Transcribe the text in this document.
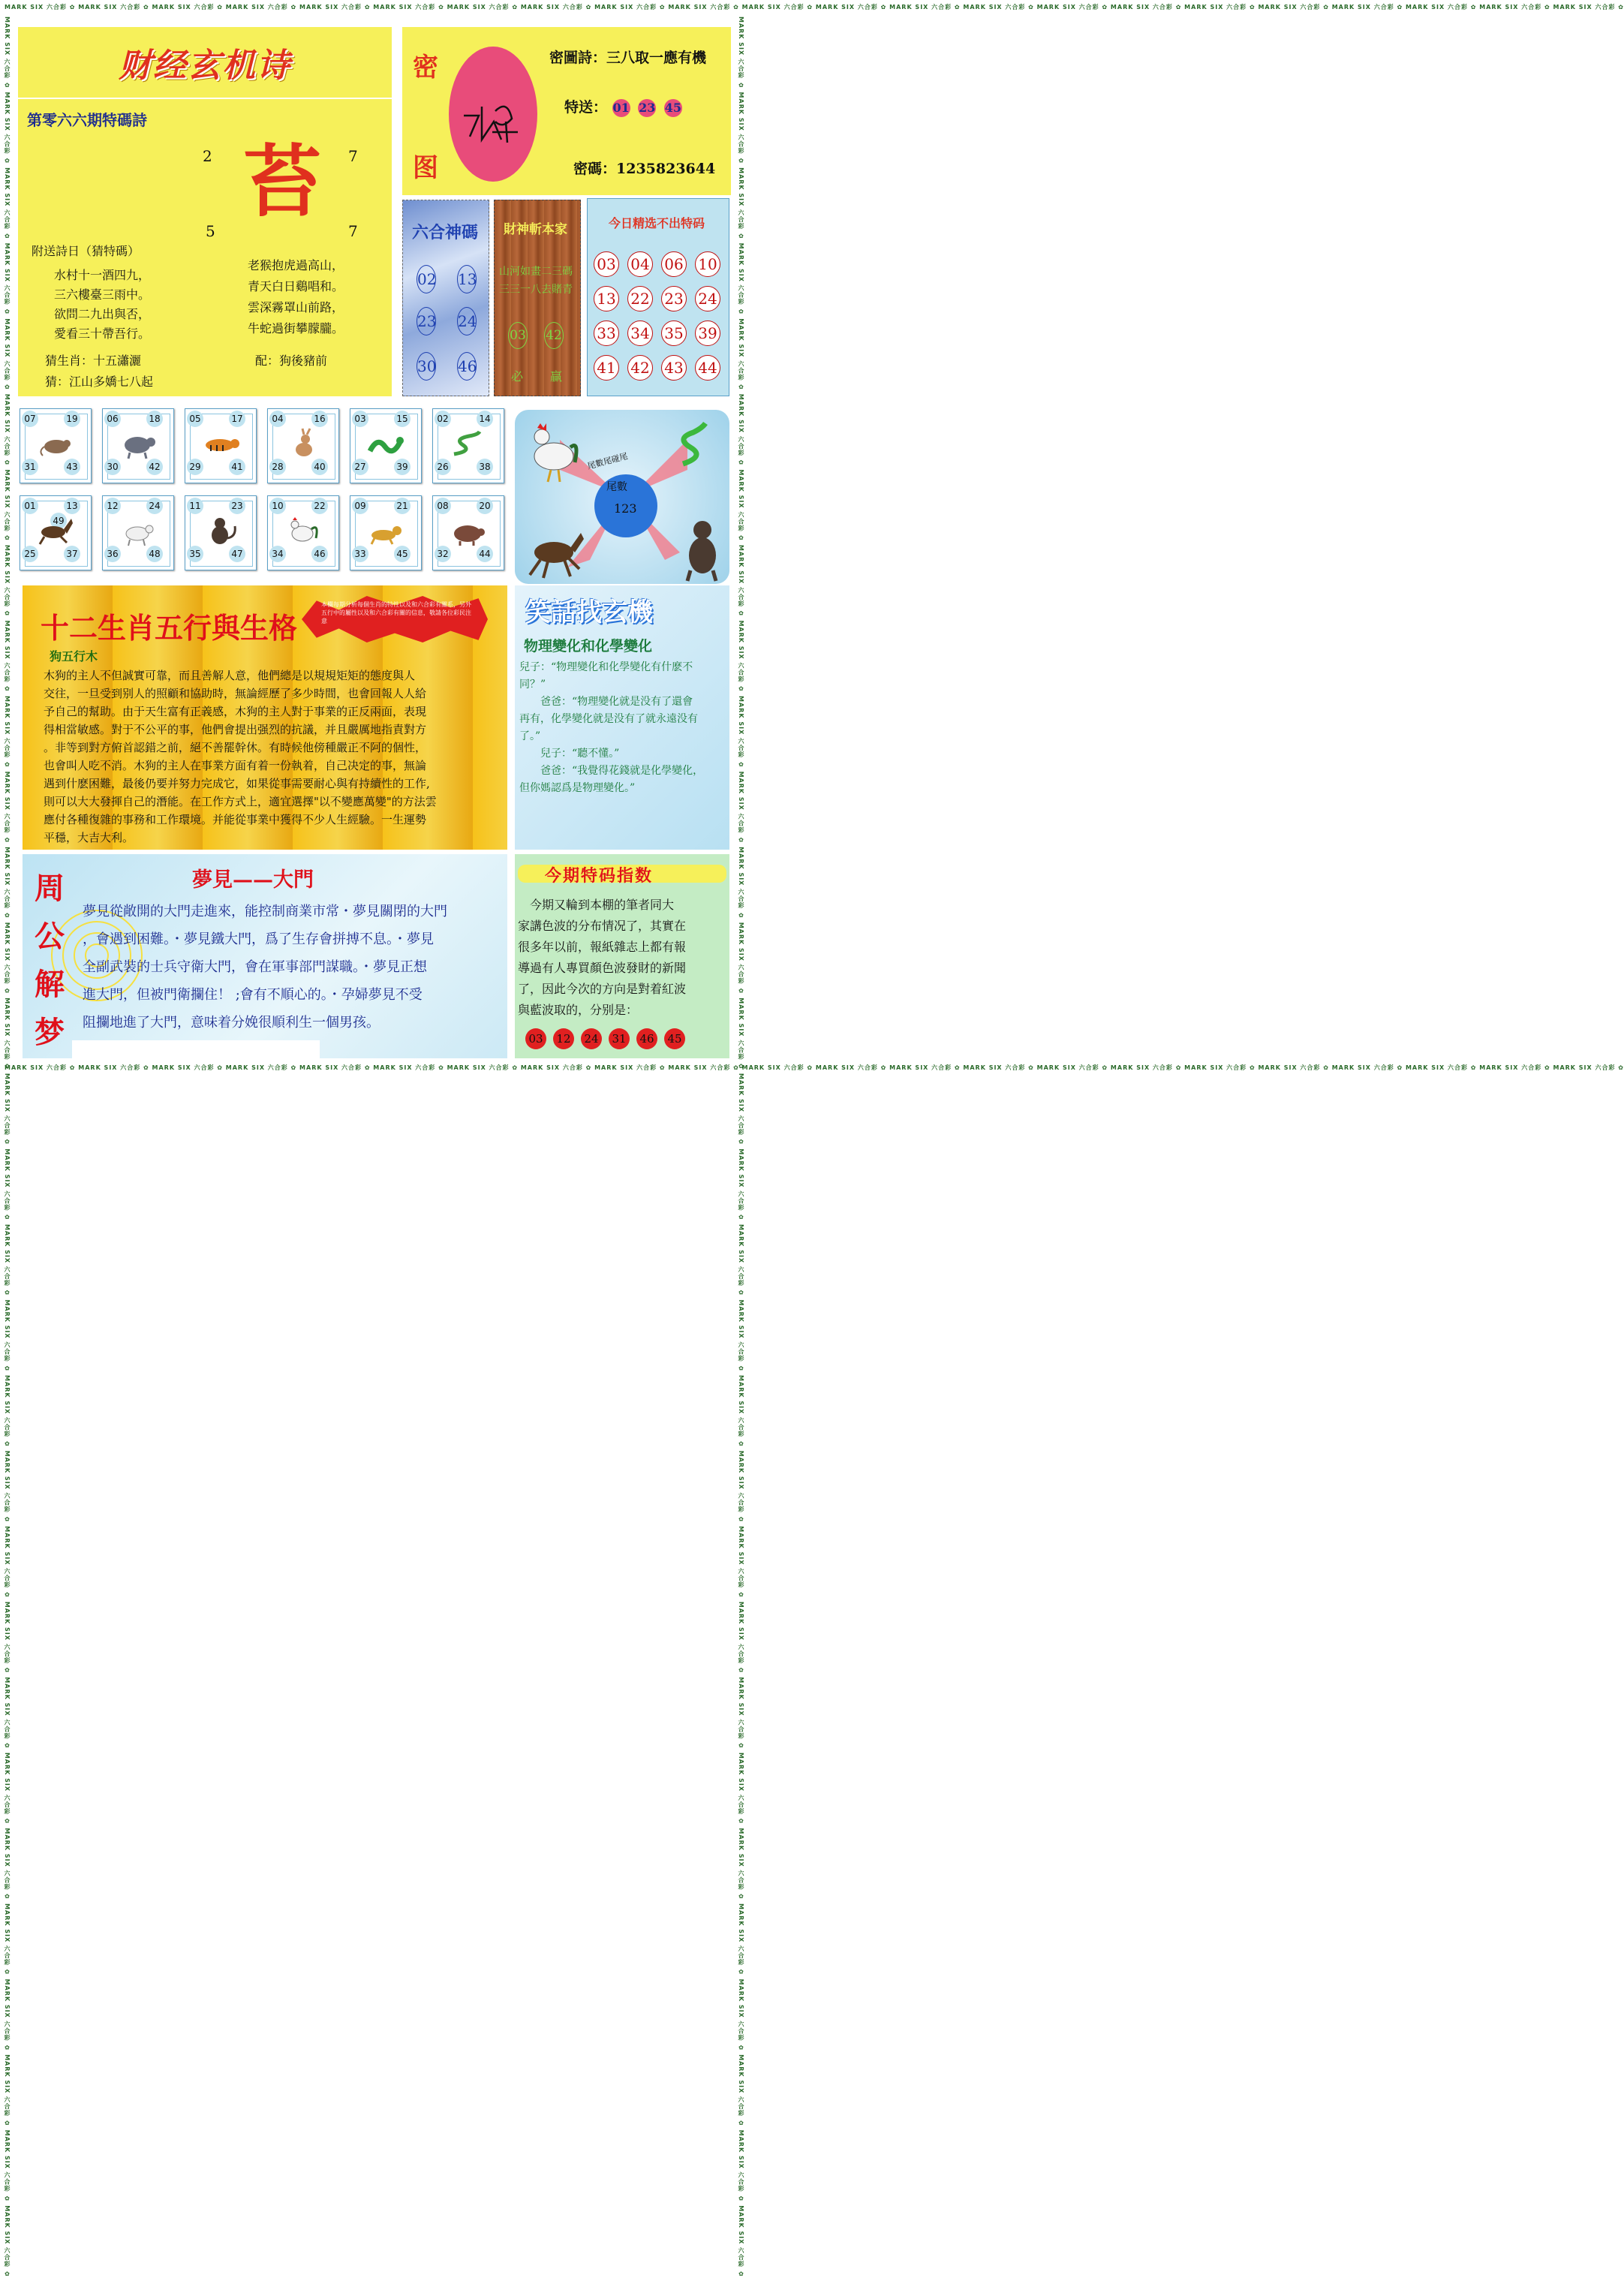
MARK SIX 六合彩 ✿ MARK SIX 六合彩 ✿ MARK SIX 六合彩 ✿ MARK SIX 六合彩 ✿ MARK SIX 六合彩 ✿ MARK SIX 六合彩 ✿ MARK SIX 六合彩 ✿ MARK SIX 六合彩 ✿ MARK SIX 六合彩 ✿ MARK SIX 六合彩 ✿ MARK SIX 六合彩 ✿ MARK SIX 六合彩 ✿ MARK SIX 六合彩 ✿ MARK SIX 六合彩 ✿ MARK SIX 六合彩 ✿ MARK SIX 六合彩 ✿ MARK SIX 六合彩 ✿ MARK SIX 六合彩 ✿ MARK SIX 六合彩 ✿ MARK SIX 六合彩 ✿ MARK SIX 六合彩 ✿ MARK SIX 六合彩 ✿
MARK SIX 六合彩 ✿ MARK SIX 六合彩 ✿ MARK SIX 六合彩 ✿ MARK SIX 六合彩 ✿ MARK SIX 六合彩 ✿ MARK SIX 六合彩 ✿ MARK SIX 六合彩 ✿ MARK SIX 六合彩 ✿ MARK SIX 六合彩 ✿ MARK SIX 六合彩 ✿ MARK SIX 六合彩 ✿ MARK SIX 六合彩 ✿ MARK SIX 六合彩 ✿ MARK SIX 六合彩 ✿ MARK SIX 六合彩 ✿ MARK SIX 六合彩 ✿ MARK SIX 六合彩 ✿ MARK SIX 六合彩 ✿ MARK SIX 六合彩 ✿ MARK SIX 六合彩 ✿ MARK SIX 六合彩 ✿ MARK SIX 六合彩 ✿
MARK SIX 六合彩 ✿ MARK SIX 六合彩 ✿ MARK SIX 六合彩 ✿ MARK SIX 六合彩 ✿ MARK SIX 六合彩 ✿ MARK SIX 六合彩 ✿ MARK SIX 六合彩 ✿ MARK SIX 六合彩 ✿ MARK SIX 六合彩 ✿ MARK SIX 六合彩 ✿ MARK SIX 六合彩 ✿ MARK SIX 六合彩 ✿ MARK SIX 六合彩 ✿ MARK SIX 六合彩 ✿ MARK SIX 六合彩 ✿ MARK SIX 六合彩 ✿ MARK SIX 六合彩 ✿ MARK SIX 六合彩 ✿ MARK SIX 六合彩 ✿ MARK SIX 六合彩 ✿ MARK SIX 六合彩 ✿ MARK SIX 六合彩 ✿ MARK SIX 六合彩 ✿ MARK SIX 六合彩 ✿ MARK SIX 六合彩 ✿ MARK SIX 六合彩 ✿ MARK SIX 六合彩 ✿ MARK SIX 六合彩 ✿ MARK SIX 六合彩 ✿ MARK SIX 六合彩 ✿	MARK SIX 六合彩 ✿ MARK SIX 六合彩 ✿ MARK SIX 六合彩 ✿ MARK SIX 六合彩 ✿ MARK SIX 六合彩 ✿ MARK SIX 六合彩 ✿ MARK SIX 六合彩 ✿ MARK SIX 六合彩 ✿ MARK SIX 六合彩 ✿ MARK SIX 六合彩 ✿ MARK SIX 六合彩 ✿ MARK SIX 六合彩 ✿ MARK SIX 六合彩 ✿ MARK SIX 六合彩 ✿ MARK SIX 六合彩 ✿ MARK SIX 六合彩 ✿ MARK SIX 六合彩 ✿ MARK SIX 六合彩 ✿ MARK SIX 六合彩 ✿ MARK SIX 六合彩 ✿ MARK SIX 六合彩 ✿ MARK SIX 六合彩 ✿ MARK SIX 六合彩 ✿ MARK SIX 六合彩 ✿ MARK SIX 六合彩 ✿ MARK SIX 六合彩 ✿ MARK SIX 六合彩 ✿ MARK SIX 六合彩 ✿ MARK SIX 六合彩 ✿ MARK SIX 六合彩 ✿
财经玄机诗
第零六六期特碼詩
2	7
5	7
苔
附送詩日（猜特碼）
水村十一酒四九，
三六樓臺三雨中。
欲問二九出與否，
愛看三十帶吾行。
老猴抱虎過高山，
青天白日鷄唱和。
雲深霧罩山前路，
牛蛇過街攀朦朧。
猜生肖：十五瀟灑	配：狗後豬前
猜：江山多嬌七八起
密
图
密圖詩：三八取一應有機
特送： 01 23 45
密碼：1235823644
六合神碼
02 13
23 24
30 46
財神斬本家
山河如畫二三碼
三三一八去賭青
03 42
必 贏
今日精选不出特码
03 04 06 10
13 22 23 24
33 34 35 39
41 42 43 44
07	19
31	43
06	18
30	42
05	17
29	41
04	16
28	40
03	15
27	39
02	14
26	38
01	13
25	37
49
12	24
36	48
11	23
35	47
10	22
34	46
09	21
33	45
08	20
32	44
尾數尾碰尾
尾數
123
十二生肖五行與生格
本欄每期分析每個生肖的特性以及和六合彩有關系，另外五行中的屬性以及和六合彩有關的信息，敬請各位彩民注意
狗五行木
木狗的主人不但誠實可靠，而且善解人意，他們總是以規規矩矩的態度與人
交往，一旦受到别人的照顧和協助時，無論經歷了多少時間，也會回報人人給
予自己的幫助。由于天生富有正義感，木狗的主人對于事業的正反兩面，表現
得相當敏感。對于不公平的事，他們會提出强烈的抗議，并且嚴厲地指責對方
。非等到對方俯首認錯之前，絕不善罷幹休。有時候他傍種嚴正不阿的個性，
也會叫人吃不消。木狗的主人在事業方面有着一份執着，自己决定的事，無論
遇到什麽困難，最後仍要并努力完成它，如果從事需要耐心與有持續性的工作,
則可以大大發揮自己的潛能。在工作方式上，適宜選擇"以不變應萬變"的方法雲
應付各種復雜的事務和工作環境。并能從事業中獲得不少人生經驗。一生運勢
平穩，大吉大利。
笑話找玄機
物理變化和化學變化
兒子：“物理變化和化學變化有什麽不
同？”
　　爸爸：“物理變化就是没有了還會
再有，化學變化就是没有了就永遠没有
了。”
　　兒子：“聽不懂。”
　　爸爸：“我覺得花錢就是化學變化，
但你媽認爲是物理變化。”
周
公
解
梦
夢見——大門
夢見從敞開的大門走進來，能控制商業市常・夢見關閉的大門
，會遇到困難。・夢見鐵大門，爲了生存會拼搏不息。・夢見
全副武裝的士兵守衛大門，會在軍事部門謀職。・夢見正想
進大門，但被門衛攔住！ ;會有不順心的。・孕婦夢見不受
阻攔地進了大門，意味着分娩很順利生一個男孩。
今期特码指数
　今期又輪到本棚的筆者同大
家講色波的分布情况了，其實在
很多年以前，報紙雜志上都有報
導過有人專買顏色波發財的新聞
了，因此今次的方向是對着紅波
與藍波取的，分别是：
03 12 24 31 46 45
